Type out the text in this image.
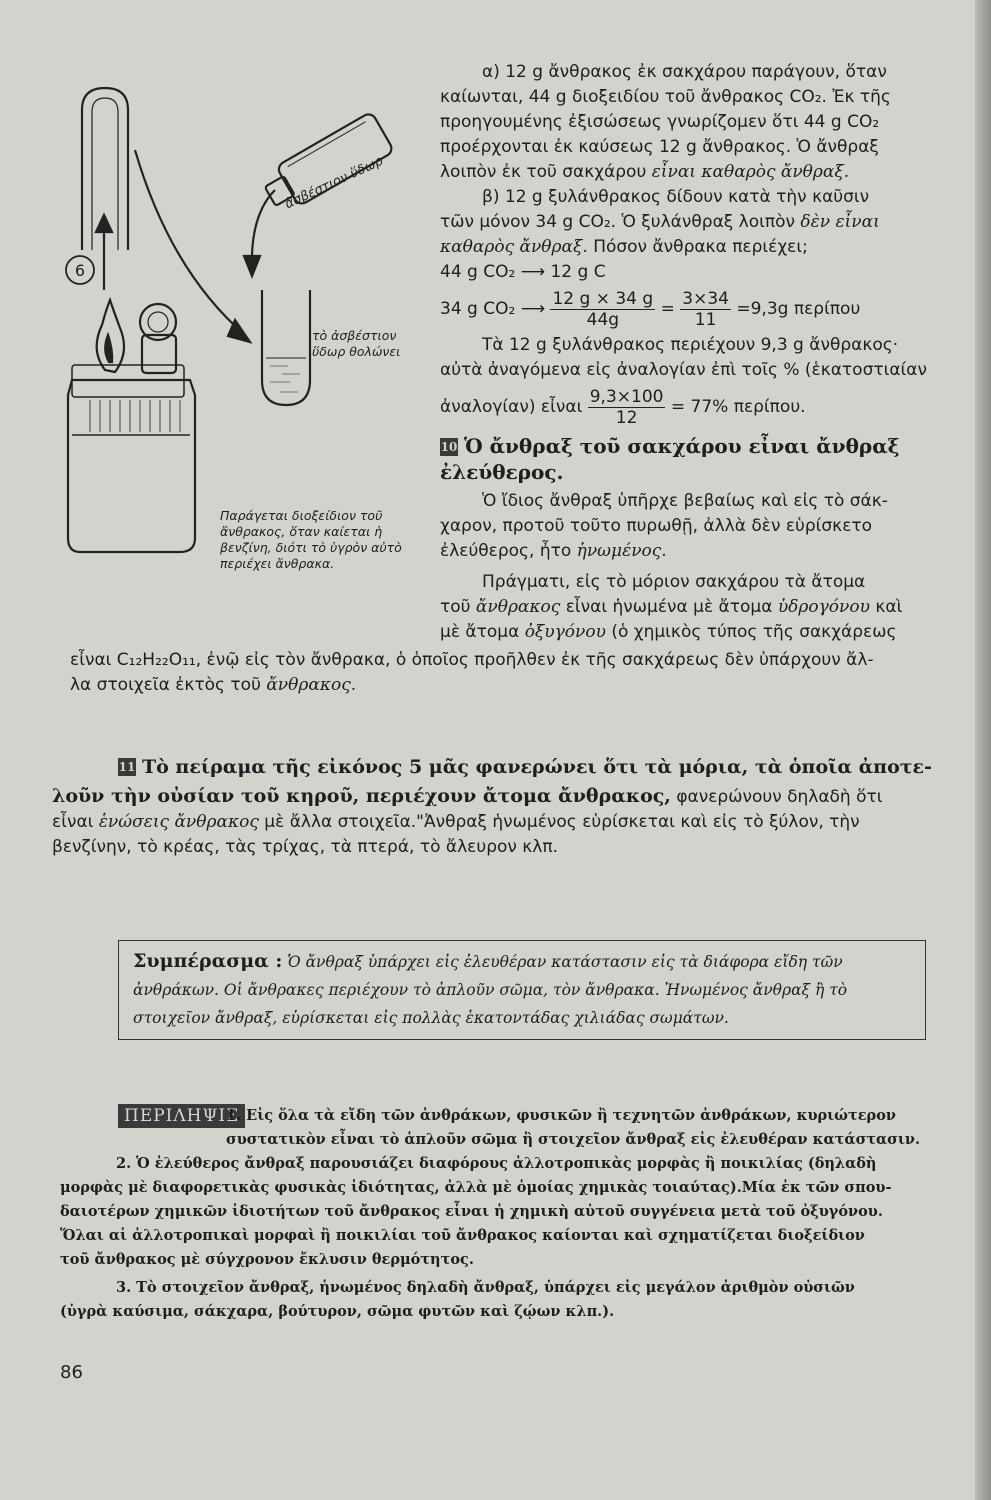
6
ἀσβέστιον ὕδωρ
τὸ ἀσβέστιον ὕδωρ θολώνει
Παράγεται διοξείδιον τοῦ ἄνθρακος, ὅταν καίεται ἡ βενζίνη, διότι τὸ ὑγρὸν αὐτὸ περιέχει ἄνθρακα.
α) 12 g ἄνθρακος ἐκ σακχάρου παράγουν, ὅταν
καίωνται, 44 g διοξειδίου τοῦ ἄνθρακος CO₂. Ἐκ τῆς
προηγουμένης ἐξισώσεως γνωρίζομεν ὅτι 44 g CO₂
προέρχονται ἐκ καύσεως 12 g ἄνθρακος. Ὁ ἄνθραξ
λοιπὸν ἐκ τοῦ σακχάρου εἶναι καθαρὸς ἄνθραξ.
β) 12 g ξυλάνθρακος δίδουν κατὰ τὴν καῦσιν
τῶν μόνον 34 g CO₂. Ὁ ξυλάνθραξ λοιπὸν δὲν εἶναι
καθαρὸς ἄνθραξ. Πόσον ἄνθρακα περιέχει;
44 g CO₂ ⟶ 12 g C
34 g CO₂ ⟶ $\frac{12 g \times 34 g}{44g} = \frac{3\times 34}{11} =9,3g$ περίπου
Τὰ 12 g ξυλάνθρακος περιέχουν 9,3 g ἄνθρακος·
αὐτὰ ἀναγόμενα εἰς ἀναλογίαν ἐπὶ τοῖς % (ἑκατοστιαίαν
ἀναλογίαν) εἶναι $\frac{9,3\times 100}{12} = 77\%$ περίπου.
10 Ὁ ἄνθραξ τοῦ σακχάρου εἶναι ἄνθραξ
ἐλεύθερος.
Ὁ ἴδιος ἄνθραξ ὑπῆρχε βεβαίως καὶ εἰς τὸ σάκ-
χαρον, προτοῦ τοῦτο πυρωθῇ, ἀλλὰ δὲν εὑρίσκετο
ἐλεύθερος, ἦτο ἡνωμένος.
Πράγματι, εἰς τὸ μόριον σακχάρου τὰ ἄτομα
τοῦ ἄνθρακος εἶναι ἡνωμένα μὲ ἄτομα ὑδρογόνου καὶ
μὲ ἄτομα ὀξυγόνου (ὁ χημικὸς τύπος τῆς σακχάρεως
εἶναι C₁₂H₂₂O₁₁, ἐνῷ εἰς τὸν ἄνθρακα, ὁ ὁποῖος προῆλθεν ἐκ τῆς σακχάρεως δὲν ὑπάρχουν ἄλ-
λα στοιχεῖα ἐκτὸς τοῦ ἄνθρακος.
11 Τὸ πείραμα τῆς εἰκόνος 5 μᾶς φανερώνει ὅτι τὰ μόρια, τὰ ὁποῖα ἀποτε-
λοῦν τὴν οὐσίαν τοῦ κηροῦ, περιέχουν ἄτομα ἄνθρακος, φανερώνουν δηλαδὴ ὅτι
εἶναι ἑνώσεις ἄνθρακος μὲ ἄλλα στοιχεῖα."Ἀνθραξ ἡνωμένος εὑρίσκεται καὶ εἰς τὸ ξύλον, τὴν
βενζίνην, τὸ κρέας, τὰς τρίχας, τὰ πτερά, τὸ ἄλευρον κλπ.
Συμπέρασμα : Ὁ ἄνθραξ ὑπάρχει εἰς ἐλευθέραν κατάστασιν εἰς τὰ διάφορα εἴδη τῶν
ἀνθράκων. Οἱ ἄνθρακες περιέχουν τὸ ἁπλοῦν σῶμα, τὸν ἄνθρακα. Ἡνωμένος ἄνθραξ ἢ τὸ
στοιχεῖον ἄνθραξ, εὑρίσκεται εἰς πολλὰς ἑκατοντάδας χιλιάδας σωμάτων.
ΠΕΡΙΛΗΨΙΣ
1. Εἰς ὅλα τὰ εἴδη τῶν ἀνθράκων, φυσικῶν ἢ τεχνητῶν ἀνθράκων, κυριώτερον
συστατικὸν εἶναι τὸ ἁπλοῦν σῶμα ἢ στοιχεῖον ἄνθραξ εἰς ἐλευθέραν κατάστασιν.
2. Ὁ ἐλεύθερος ἄνθραξ παρουσιάζει διαφόρους ἀλλοτροπικὰς μορφὰς ἢ ποικιλίας (δηλαδὴ
μορφὰς μὲ διαφορετικὰς φυσικὰς ἰδιότητας, ἀλλὰ μὲ ὁμοίας χημικὰς τοιαύτας).Μία ἐκ τῶν σπου-
δαιοτέρων χημικῶν ἰδιοτήτων τοῦ ἄνθρακος εἶναι ἡ χημικὴ αὐτοῦ συγγένεια μετὰ τοῦ ὀξυγόνου.
Ὅλαι αἱ ἀλλοτροπικαὶ μορφαὶ ἢ ποικιλίαι τοῦ ἄνθρακος καίονται καὶ σχηματίζεται διοξείδιον
τοῦ ἄνθρακος μὲ σύγχρονον ἔκλυσιν θερμότητος.
3. Τὸ στοιχεῖον ἄνθραξ, ἡνωμένος δηλαδὴ ἄνθραξ, ὑπάρχει εἰς μεγάλον ἀριθμὸν οὐσιῶν
(ὑγρὰ καύσιμα, σάκχαρα, βούτυρον, σῶμα φυτῶν καὶ ζῴων κλπ.).
86
